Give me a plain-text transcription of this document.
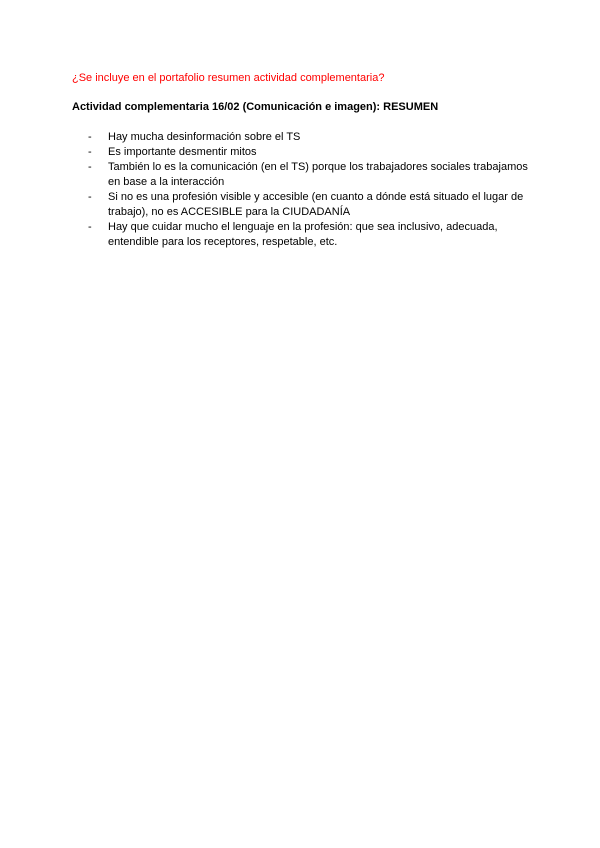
¿Se incluye en el portafolio resumen actividad complementaria?
Actividad complementaria 16/02 (Comunicación e imagen): RESUMEN
- Hay mucha desinformación sobre el TS
- Es importante desmentir mitos
- También lo es la comunicación (en el TS) porque los trabajadores sociales trabajamos en base a la interacción
- Si no es una profesión visible y accesible (en cuanto a dónde está situado el lugar de trabajo), no es ACCESIBLE para la CIUDADANÍA
- Hay que cuidar mucho el lenguaje en la profesión: que sea inclusivo, adecuada, entendible para los receptores, respetable, etc.
